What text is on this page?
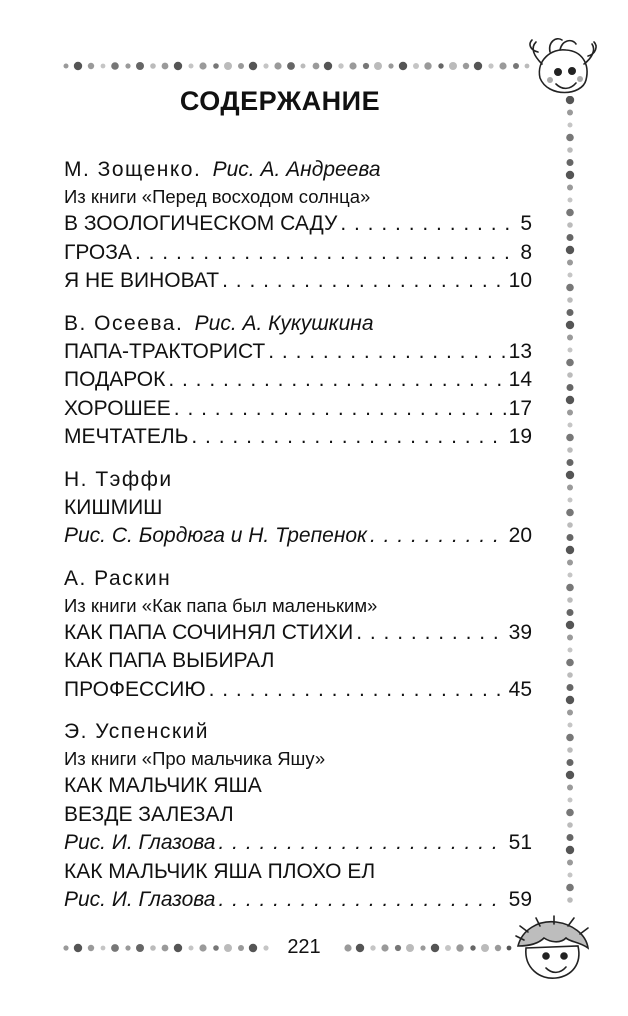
СОДЕРЖАНИЕ
М. Зощенко. Рис. А. Андреева
Из книги «Перед восходом солнца»
В ЗООЛОГИЧЕСКОМ САДУ . . .	5
ГРОЗА . . .	8
Я НЕ ВИНОВАТ . . .	10
В. Осеева. Рис. А. Кукушкина
ПАПА-ТРАКТОРИСТ . . .	13
ПОДАРОК . . .	14
ХОРОШЕЕ . . .	17
МЕЧТАТЕЛЬ . . .	19
Н. Тэффи
КИШМИШ
Рис. С. Бордюга и Н. Трепенок . . .	20
А. Раскин
Из книги «Как папа был маленьким»
КАК ПАПА СОЧИНЯЛ СТИХИ . . .	39
КАК ПАПА ВЫБИРАЛ
ПРОФЕССИЮ . . .	45
Э. Успенский
Из книги «Про мальчика Яшу»
КАК МАЛЬЧИК ЯША
ВЕЗДЕ ЗАЛЕЗАЛ
Рис. И. Глазова . . .	51
КАК МАЛЬЧИК ЯША ПЛОХО ЕЛ
Рис. И. Глазова . . .	59
221
